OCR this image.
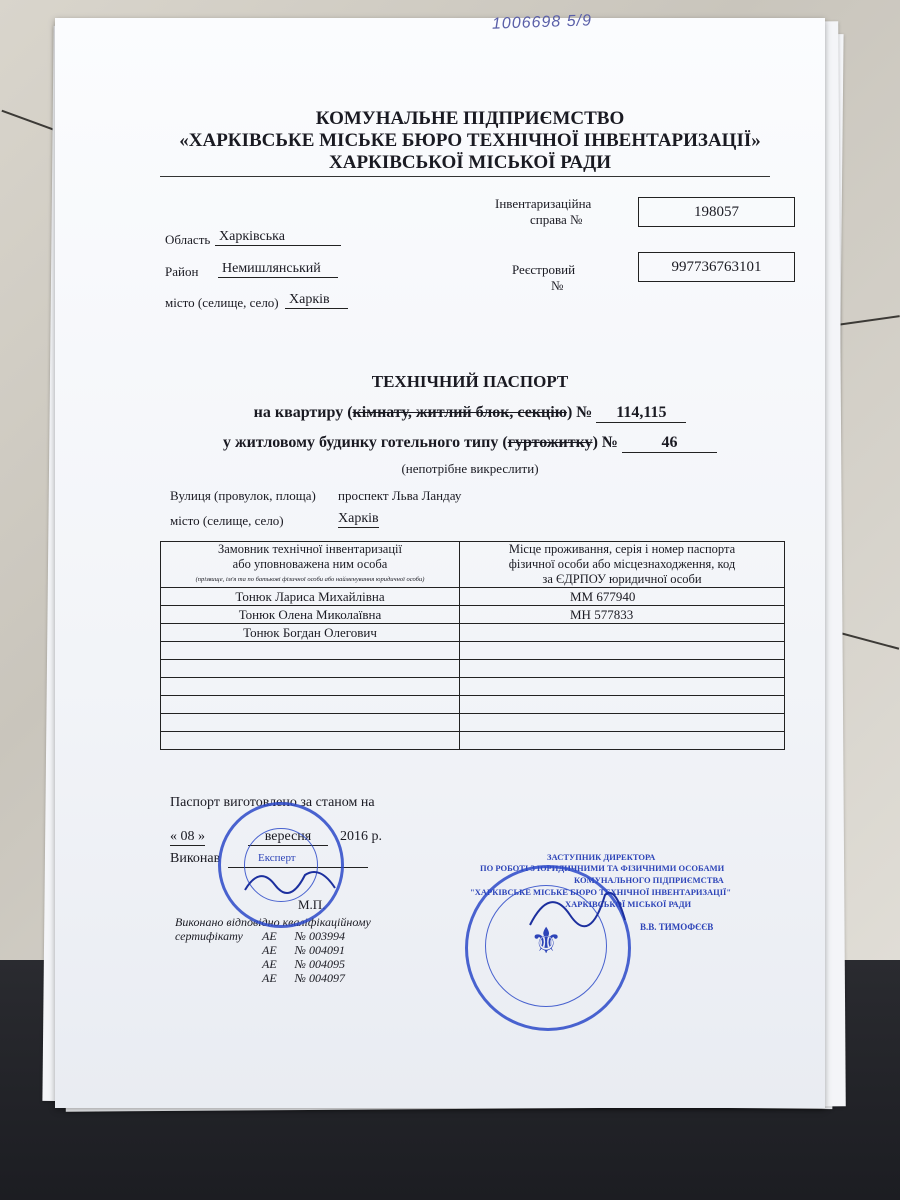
1006698 5/9
КОМУНАЛЬНЕ ПІДПРИЄМСТВО
«ХАРКІВСЬКЕ МІСЬКЕ БЮРО ТЕХНІЧНОЇ ІНВЕНТАРИЗАЦІЇ»
ХАРКІВСЬКОЇ МІСЬКОЇ РАДИ
Інвентаризаційна
справа №	198057
Область Харківська
Реєстровий
№
997736763101
Район Немишлянський
місто (селище, село) Харків
ТЕХНІЧНИЙ ПАСПОРТ
на квартиру (кімнату, житлий блок, секцію) № 114,115
у житловому будинку готельного типу (гуртожитку) №	46
(непотрібне викреслити)
Вулиця (провулок, площа) проспект Льва Ландау
місто (селище, село)	Харків
Замовник технічної інвентаризації
або уповноважена ним особа
(прізвище, ім'я та по батькові фізичної особи або найменування юридичної особи)	Місце проживання, серія і номер паспорта
фізичної особи або місцезнаходження, код
за ЄДРПОУ юридичної особи
Тонюк Лариса Михайлівна	ММ 677940
Тонюк Олена Миколаївна	МН 577833
Тонюк Богдан Олегович	

Паспорт виготовлено за станом на
« 08 »	вересня	2016 р.
Виконав
М.П.
Виконано відповідно кваліфікаційному
сертифікату АЕ      № 003994
АЕ      № 004091
АЕ      № 004095
АЕ      № 004097
Експерт	ЗАСТУПНИК ДИРЕКТОРА
ПО РОБОТІ З ЮРИДИЧНИМИ ТА ФІЗИЧНИМИ ОСОБАМИ
КОМУНАЛЬНОГО ПІДПРИЄМСТВА
"ХАРКІВСЬКЕ МІСЬКЕ БЮРО ТЕХНІЧНОЇ ІНВЕНТАРИЗАЦІЇ"
ХАРКІВСЬКОЇ МІСЬКОЇ РАДИ
В.В. ТИМОФЄЄВ
⚜
